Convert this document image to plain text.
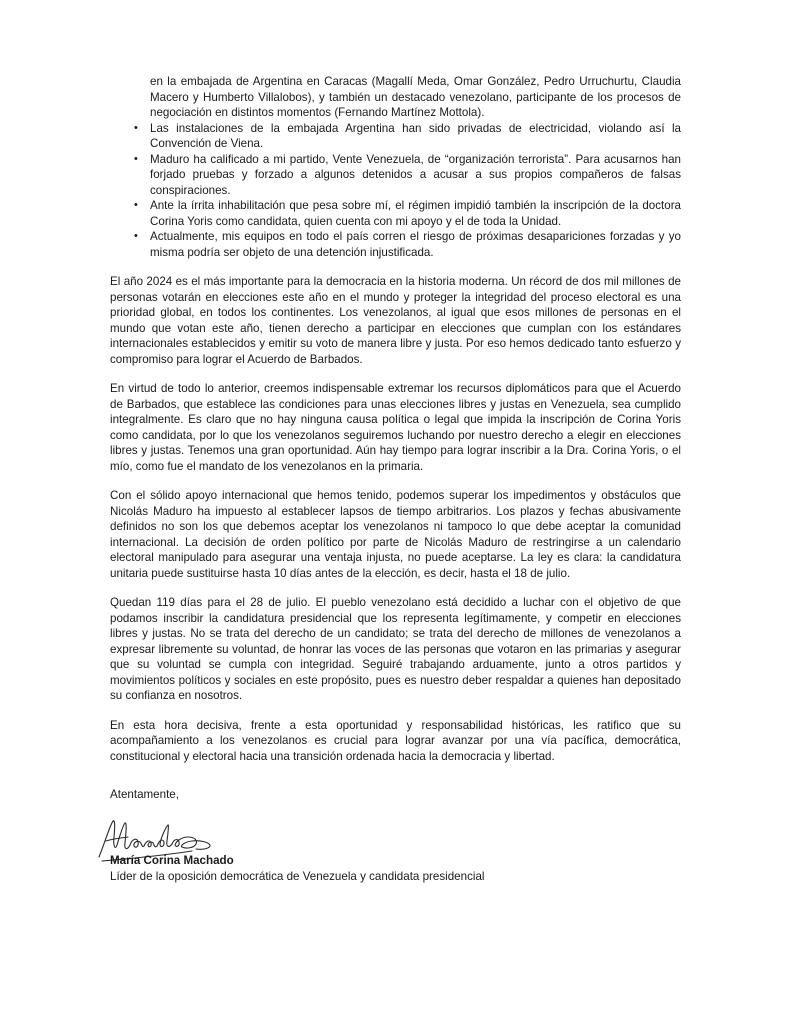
en la embajada de Argentina en Caracas (Magallí Meda, Omar González, Pedro Urruchurtu, Claudia Macero y Humberto Villalobos), y también un destacado venezolano, participante de los procesos de negociación en distintos momentos (Fernando Martínez Mottola).

• Las instalaciones de la embajada Argentina han sido privadas de electricidad, violando así la Convención de Viena.
• Maduro ha calificado a mi partido, Vente Venezuela, de “organización terrorista”. Para acusarnos han forjado pruebas y forzado a algunos detenidos a acusar a sus propios compañeros de falsas conspiraciones.
• Ante la írrita inhabilitación que pesa sobre mí, el régimen impidió también la inscripción de la doctora Corina Yoris como candidata, quien cuenta con mi apoyo y el de toda la Unidad.
• Actualmente, mis equipos en todo el país corren el riesgo de próximas desapariciones forzadas y yo misma podría ser objeto de una detención injustificada.

El año 2024 es el más importante para la democracia en la historia moderna. Un récord de dos mil millones de personas votarán en elecciones este año en el mundo y proteger la integridad del proceso electoral es una prioridad global, en todos los continentes. Los venezolanos, al igual que esos millones de personas en el mundo que votan este año, tienen derecho a participar en elecciones que cumplan con los estándares internacionales establecidos y emitir su voto de manera libre y justa. Por eso hemos dedicado tanto esfuerzo y compromiso para lograr el Acuerdo de Barbados.

En virtud de todo lo anterior, creemos indispensable extremar los recursos diplomáticos para que el Acuerdo de Barbados, que establece las condiciones para unas elecciones libres y justas en Venezuela, sea cumplido integralmente. Es claro que no hay ninguna causa política o legal que impida la inscripción de Corina Yoris como candidata, por lo que los venezolanos seguiremos luchando por nuestro derecho a elegir en elecciones libres y justas. Tenemos una gran oportunidad. Aún hay tiempo para lograr inscribir a la Dra. Corina Yoris, o el mío, como fue el mandato de los venezolanos en la primaria.

Con el sólido apoyo internacional que hemos tenido, podemos superar los impedimentos y obstáculos que Nicolás Maduro ha impuesto al establecer lapsos de tiempo arbitrarios. Los plazos y fechas abusivamente definidos no son los que debemos aceptar los venezolanos ni tampoco lo que debe aceptar la comunidad internacional. La decisión de orden político por parte de Nicolás Maduro de restringirse a un calendario electoral manipulado para asegurar una ventaja injusta, no puede aceptarse. La ley es clara: la candidatura unitaria puede sustituirse hasta 10 días antes de la elección, es decir, hasta el 18 de julio.

Quedan 119 días para el 28 de julio. El pueblo venezolano está decidido a luchar con el objetivo de que podamos inscribir la candidatura presidencial que los representa legítimamente, y competir en elecciones libres y justas. No se trata del derecho de un candidato; se trata del derecho de millones de venezolanos a expresar libremente su voluntad, de honrar las voces de las personas que votaron en las primarias y asegurar que su voluntad se cumpla con integridad. Seguiré trabajando arduamente, junto a otros partidos y movimientos políticos y sociales en este propósito, pues es nuestro deber respaldar a quienes han depositado su confianza en nosotros.

En esta hora decisiva, frente a esta oportunidad y responsabilidad históricas, les ratifico que su acompañamiento a los venezolanos es crucial para lograr avanzar por una vía pacífica, democrática, constitucional y electoral hacia una transición ordenada hacia la democracia y libertad.

Atentamente,
María Corina Machado
Líder de la oposición democrática de Venezuela y candidata presidencial
